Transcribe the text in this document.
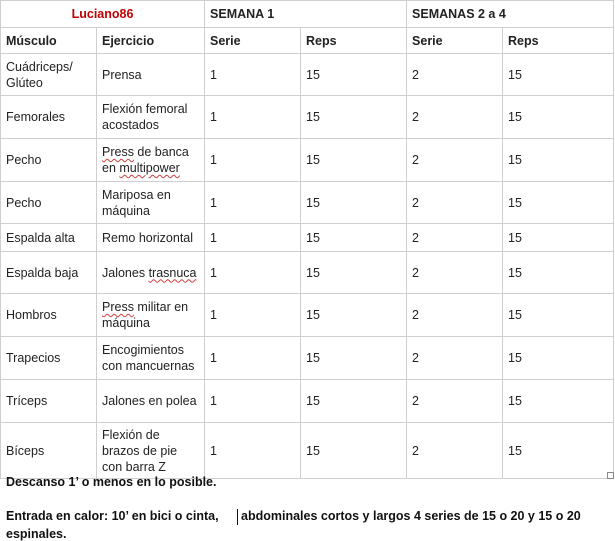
Luciano86		SEMANA 1		SEMANAS 2 a 4	
Músculo	Ejercicio	Serie	Reps	Serie	Reps
Cuádriceps/ Glúteo	Prensa	1	15	2	15
Femorales	Flexión femoral acostados	1	15	2	15
Pecho	Press de banca en multipower	1	15	2	15
Pecho	Mariposa en máquina	1	15	2	15
Espalda alta	Remo horizontal	1	15	2	15
Espalda baja	Jalones trasnuca	1	15	2	15
Hombros	Press militar en máquina	1	15	2	15
Trapecios	Encogimientos con mancuernas	1	15	2	15
Tríceps	Jalones en polea	1	15	2	15
Bíceps	Flexión de brazos de pie con barra Z	1	15	2	15
Descanso 1’ o menos en lo posible.
Entrada en calor: 10’ en bici o cinta, abdominales cortos y largos 4 series de 15 o 20 y 15 o 20
espinales.
